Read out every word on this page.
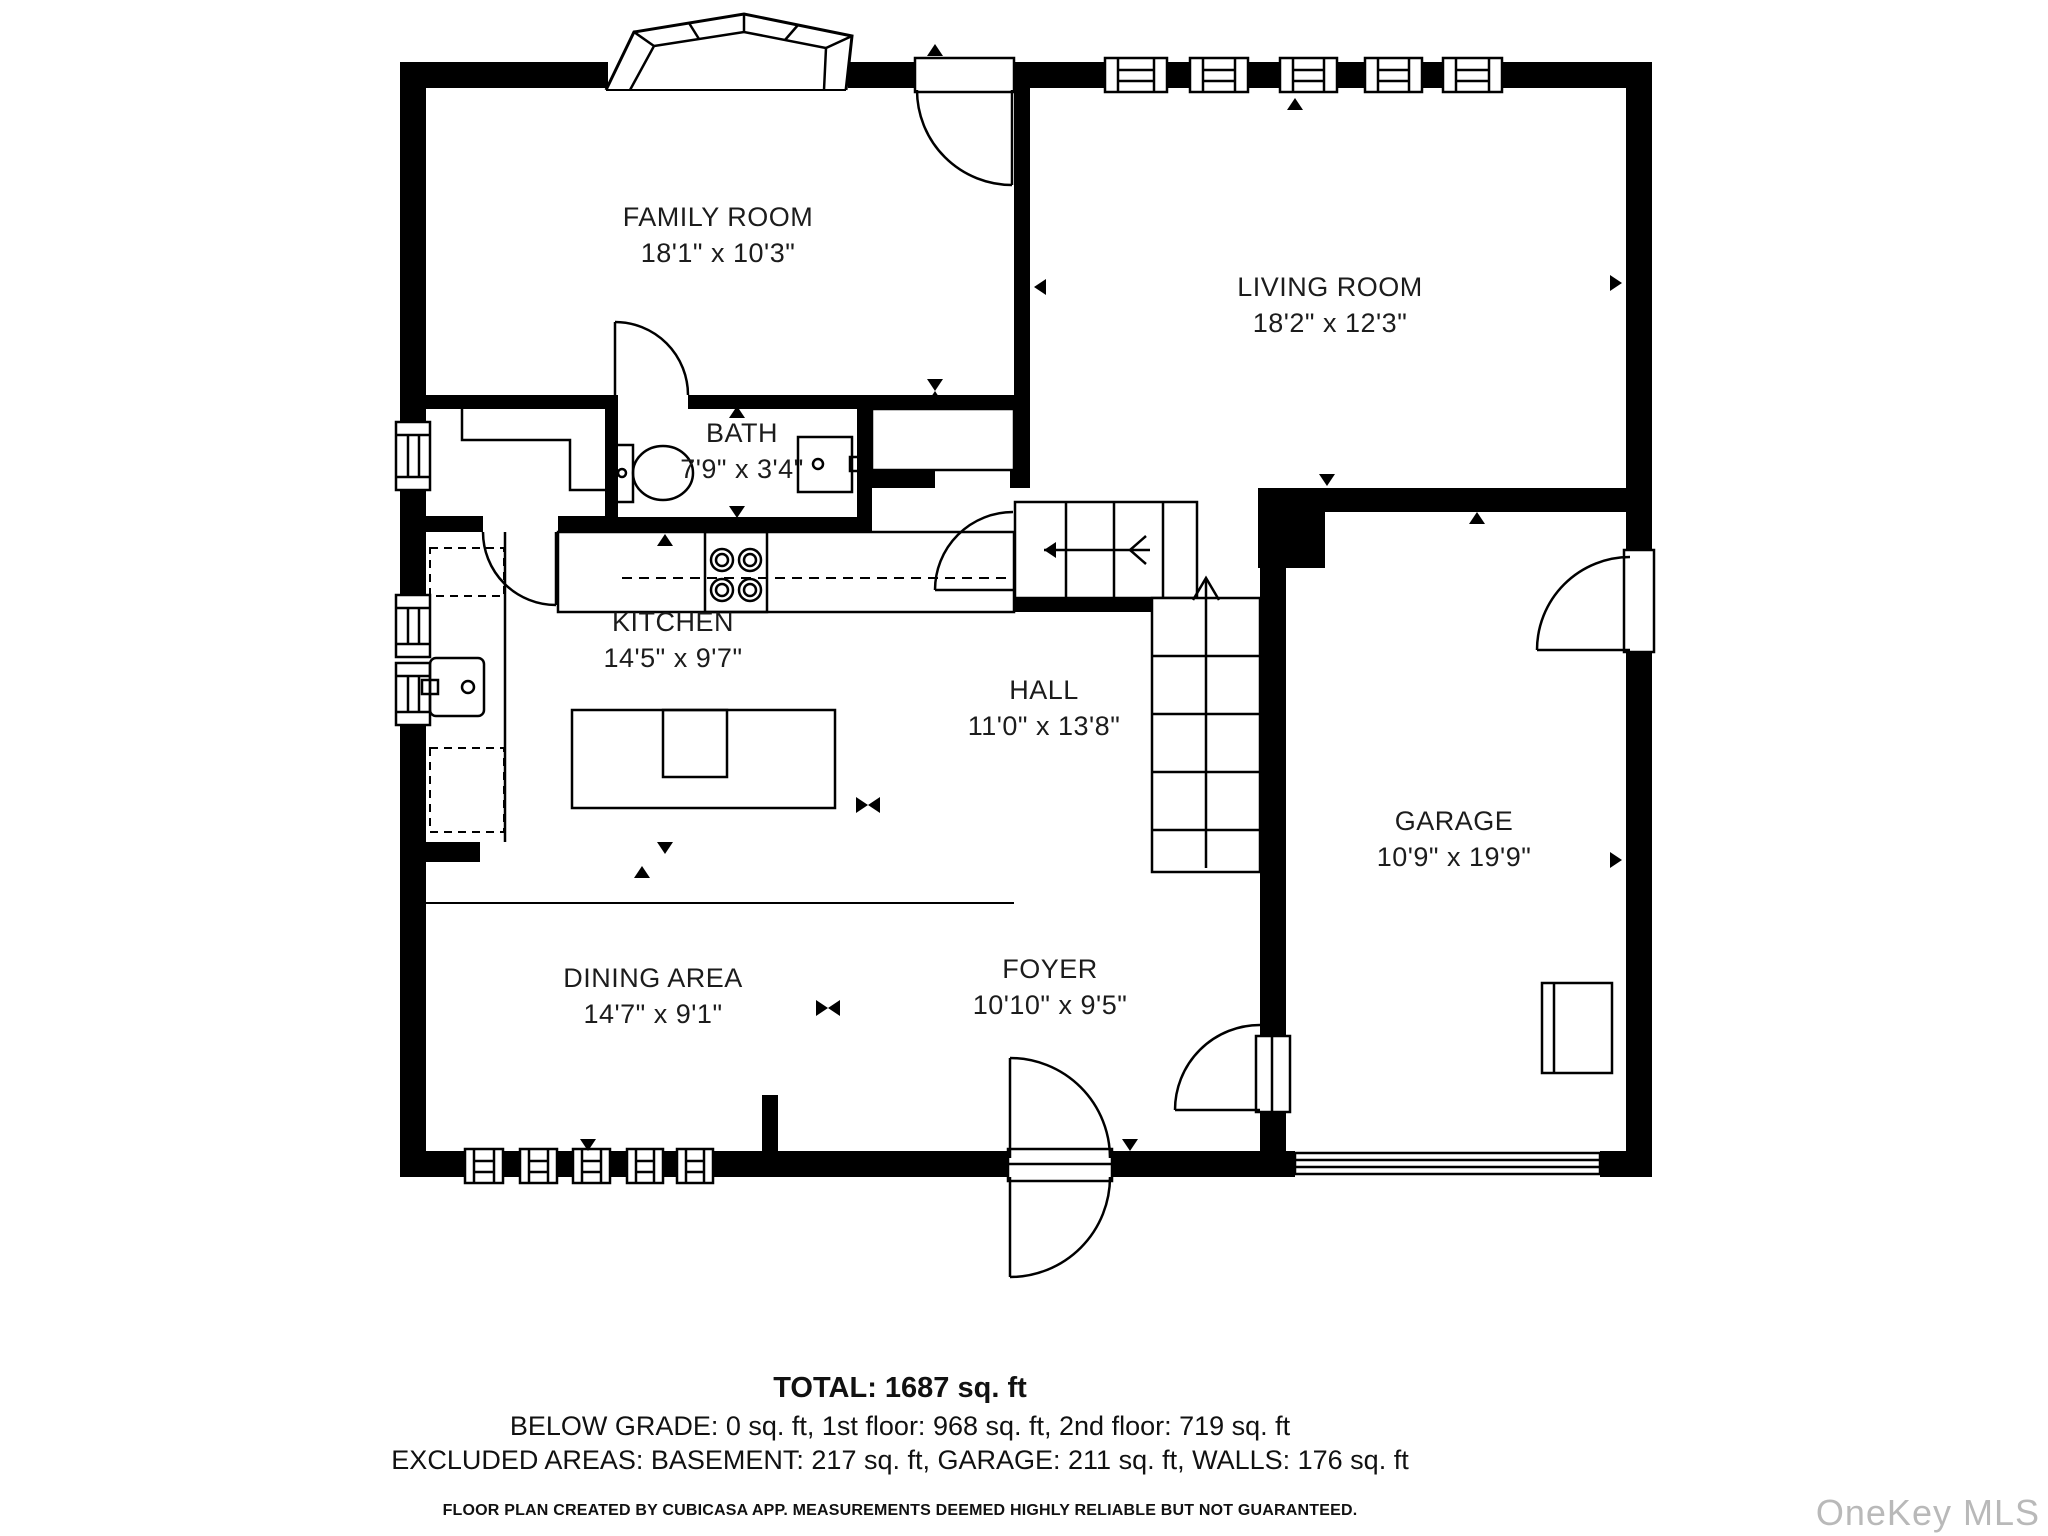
FAMILY ROOM
18'1" x 10'3"
LIVING ROOM
18'2" x 12'3"
BATH
7'9" x 3'4"
KITCHEN
14'5" x 9'7"
HALL
11'0" x 13'8"
GARAGE
10'9" x 19'9"
DINING AREA
14'7" x 9'1"
FOYER
10'10" x 9'5"
TOTAL: 1687 sq. ft
BELOW GRADE: 0 sq. ft, 1st floor: 968 sq. ft, 2nd floor: 719 sq. ft
EXCLUDED AREAS: BASEMENT: 217 sq. ft, GARAGE: 211 sq. ft, WALLS: 176 sq. ft
FLOOR PLAN CREATED BY CUBICASA APP. MEASUREMENTS DEEMED HIGHLY RELIABLE BUT NOT GUARANTEED.	OneKey MLS
